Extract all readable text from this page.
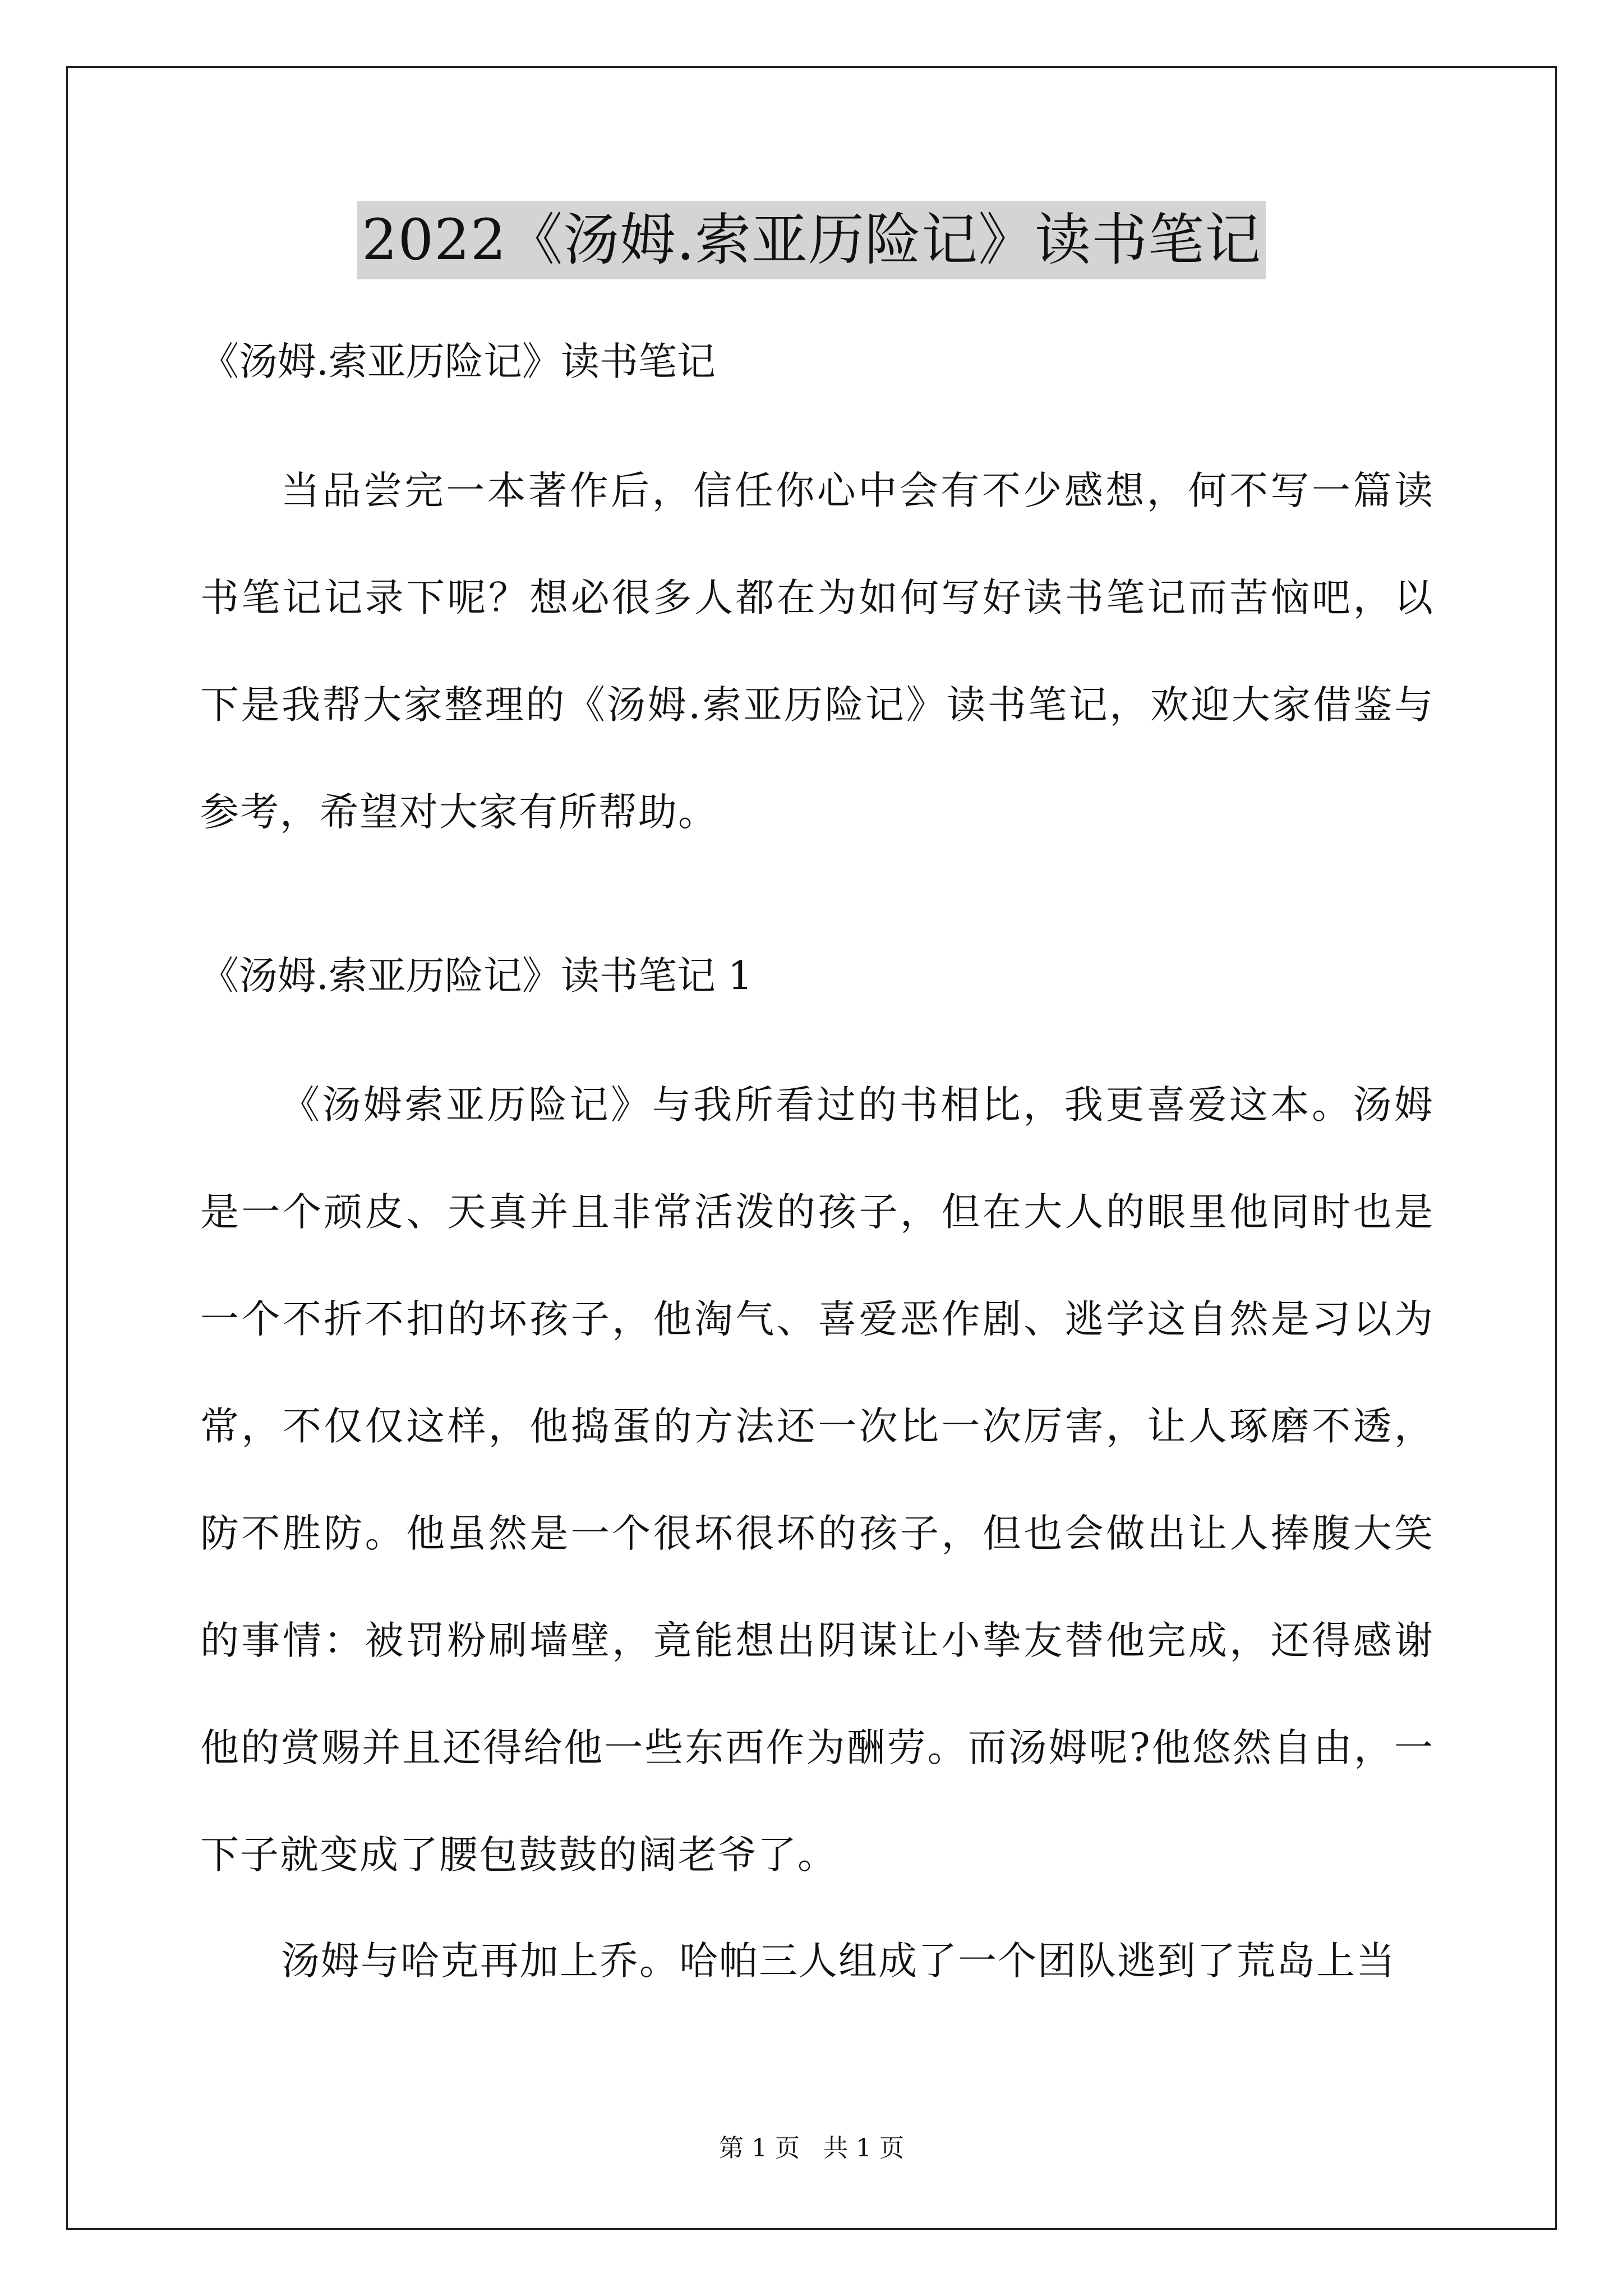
2022《汤姆.索亚历险记》读书笔记
《汤姆.索亚历险记》读书笔记
当品尝完一本著作后，信任你心中会有不少感想，何不写一篇读书笔记记录下呢？想必很多人都在为如何写好读书笔记而苦恼吧，以下是我帮大家整理的《汤姆.索亚历险记》读书笔记，欢迎大家借鉴与参考，希望对大家有所帮助。
《汤姆.索亚历险记》读书笔记 1
《汤姆索亚历险记》与我所看过的书相比，我更喜爱这本。汤姆是一个顽皮、天真并且非常活泼的孩子，但在大人的眼里他同时也是一个不折不扣的坏孩子，他淘气、喜爱恶作剧、逃学这自然是习以为常，不仅仅这样，他捣蛋的方法还一次比一次厉害，让人琢磨不透，防不胜防。他虽然是一个很坏很坏的孩子，但也会做出让人捧腹大笑的事情：被罚粉刷墙壁，竟能想出阴谋让小挚友替他完成，还得感谢他的赏赐并且还得给他一些东西作为酬劳。而汤姆呢?他悠然自由，一下子就变成了腰包鼓鼓的阔老爷了。
汤姆与哈克再加上乔。哈帕三人组成了一个团队逃到了荒岛上当
第 1 页 共 1 页
